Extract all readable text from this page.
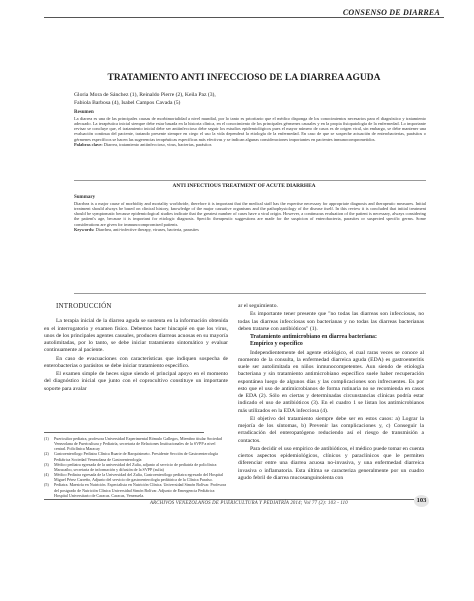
CONSENSO DE DIARREA
TRATAMIENTO ANTI INFECCIOSO DE LA DIARREA AGUDA
Gloria Mora de Sánchez (1), Reinaldo Pierre (2), Keila Paz (3),
Fabiola Barbosa (4), Isabel Campos Cavada (5)
Resumen
La diarrea es una de las principales causas de morbimortalidad a nivel mundial, por lo tanto es prioritario que el médico disponga de los conocimientos necesarios para el diagnóstico y tratamiento adecuado. La terapéutica inicial siempre debe estar basada en la historia clínica, en el conocimiento de los principales gérmenes causales y en la propia fisiopatología de la enfermedad. Lo importante revisar se concluye que, el tratamiento inicial debe ser antiinfeccioso debe seguir los estudios epidemiológicos pues el mayor número de casos es de origen viral, sin embargo, se debe mantener una evaluación continua del paciente, tratando presente siempre en ciego el uso la vida dependerá la etiología de la enfermedad. En caso de que se sospeche actuación de enterobacterias, parásitos o gérmenes específicos se hacen las sugerencias terapéuticas específicas más efectivas y se indican algunas consideraciones importantes en pacientes inmunocomprometidos.
Palabras clave: Diarrea, tratamiento antiinfeccioso, virus, bacterias, parásitos
ANTI INFECTIOUS TREATMENT OF ACUTE DIARRHEA
Summary
Diarrhea is a major cause of morbidity and mortality worldwide, therefore it is important that the medical staff has the expertise necessary for appropriate diagnosis and therapeutic measures. Initial treatment should always be based on clinical history, knowledge of the major causative organisms and the pathophysiology of the disease itself. In this review it is concluded that initial treatment should be symptomatic because epidemiological studies indicate that the greatest number of cases have a viral origin. However, a continuous evaluation of the patient is necessary, always considering the patient's age, because it is important for etiologic diagnosis. Specific therapeutic suggestions are made for the suspicion of enterobacteria, parasites or suspected specific germs. Some considerations are given for immunocompromised patients.
Keywords: Diarrhea, anti-infective therapy, viruses, bacteria, parasites
INTRODUCCIÓN

La terapia inicial de la diarrea aguda se sustenta en la información obtenida en el interrogatorio y examen físico. Debemos hacer hincapié en que los virus, unos de los principales agentes causales, producen diarreas acuosas en su mayoría autolimitadas, por lo tanto, se debe iniciar tratamiento sintomático y evaluar continuamente al paciente.

En caso de evacuaciones con características que indiquen sospecha de enterobacterias o parásitos se debe iniciar tratamiento específico.

El examen simple de heces sigue siendo el principal apoyo en el momento del diagnóstico inicial que junto con el coprocultivo constituye un importante soporte para avalar

(1)	Puericultor pediatra, profesora Universidad Experimental Rómulo Gallegos, Miembro titular Sociedad Venezolana de Puericultura y Pediatría, secretaria de Relaciones Institucionales de la SVPP a nivel central. Policlínica Maracay
(2)	Gastroenterólogo Pediatra Clínica Ruarte de Barquisimeto. Presidente Sección de Gastroenterología Pediátrica Sociedad Venezolana de Gastroenterología
(3)	Médico pediatra egresada de la universidad del Zulia, adjunto al servicio de pediatría de policlínica Maracaibo, secretaria de información y difusión de la SVPP (zulia)
(4)	Médico Pediatra egresada de la Universidad del Zulia, Gastroenterólogo pediatra egresado del Hospital Miguel Pérez Carreño, Adjunto del servicio de gastroenterología pediátrica de la Clínica Paraíso.
(5)	Pediatra. Maestría en Nutrición. Especialista en Nutrición Clínica. Universidad Simón Bolívar. Profesora del postgrado de Nutrición Clínica Universidad Simón Bolívar. Adjunto de Emergencia Pediátrica Hospital Universitario de Caracas. Caracas, Venezuela.

ar el seguimiento.

Es importante tener presente que "no todas las diarreas son infecciosas, no todas las diarreas infecciosas son bacterianas y no todas las diarreas bacterianas deben tratarse con antibióticos" (1).

Tratamiento antimicrobiano en diarrea bacteriana:
Empírico y específico

Independientemente del agente etiológico, el cual raras veces se conoce al momento de la consulta, la enfermedad diarreica aguda (EDA) es gastroenteritis suele ser autolimitada en niños inmunocompetentes. Aun siendo de etiología bacteriana y sin tratamiento antimicrobiano específico suele haber recuperación espontánea luego de algunos días y las complicaciones son infrecuentes. Es por esto que el uso de antimicrobianos de forma rutinaria no se recomienda en casos de EDA (2). Sólo en ciertas y determinadas circunstancias clínicas podría estar indicado el uso de antibióticos (3). En el cuadro 1 se listan los antimicrobianos más utilizados en la EDA infecciosa (4).

El objetivo del tratamiento siempre debe ser en estos casos: a) Lograr la mejoría de los síntomas, b) Prevenir las complicaciones y, c) Conseguir la erradicación del enteropatógeno reduciendo así el riesgo de transmisión a contactos.

Para decidir el uso empírico de antibióticos, el médico puede tomar en cuenta ciertos aspectos epidemiológicos, clínicos y paraclínicos que le permiten diferenciar entre una diarrea acuosa no-invasiva, y una enfermedad diarreica invasiva o inflamatoria. Esta última se caracteriza generalmente por un cuadro agudo febril de diarrea mucosanguinolenta con

ARCHIVOS VENEZOLANOS DE PUERICULTURA Y PEDIATRÍA 2014; Vol 77 (2): 103 - 110	103
